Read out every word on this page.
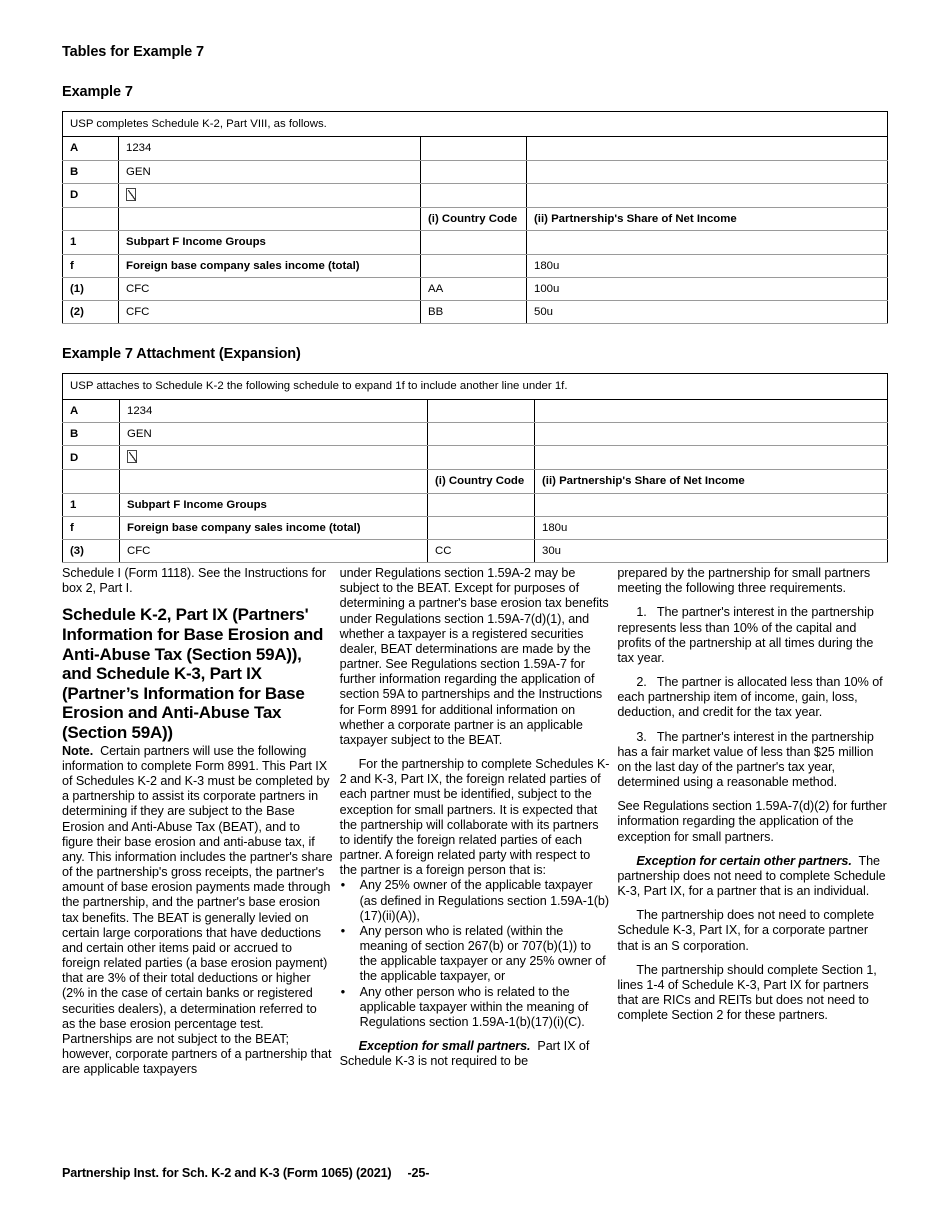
Tables for Example 7
Example 7
USP completes Schedule K-2, Part VIII, as follows.			
A	1234		
B	GEN		
D			
		(i) Country Code	(ii) Partnership's Share of Net Income
1	Subpart F Income Groups		
f	Foreign base company sales income (total)		180u
(1)	CFC	AA	100u
(2)	CFC	BB	50u
Example 7 Attachment (Expansion)
USP attaches to Schedule K-2 the following schedule to expand 1f to include another line under 1f.			
A	1234		
B	GEN		
D			
		(i) Country Code	(ii) Partnership's Share of Net Income
1	Subpart F Income Groups		
f	Foreign base company sales income (total)		180u
(3)	CFC	CC	30u

Schedule I (Form 1118). See the Instructions for box 2, Part I.

Schedule K-2, Part IX (Partners' Information for Base Erosion and Anti-Abuse Tax (Section 59A)), and Schedule K-3, Part IX (Partner’s Information for Base Erosion and Anti-Abuse Tax (Section 59A))

Note. Certain partners will use the following information to complete Form 8991. This Part IX of Schedules K-2 and K-3 must be completed by a partnership to assist its corporate partners in determining if they are subject to the Base Erosion and Anti-Abuse Tax (BEAT), and to figure their base erosion and anti-abuse tax, if any. This information includes the partner's share of the partnership's gross receipts, the partner's amount of base erosion payments made through the partnership, and the partner's base erosion tax benefits. The BEAT is generally levied on certain large corporations that have deductions and certain other items paid or accrued to foreign related parties (a base erosion payment) that are 3% of their total deductions or higher (2% in the case of certain banks or registered securities dealers), a determination referred to as the base erosion percentage test. Partnerships are not subject to the BEAT; however, corporate partners of a partnership that are applicable taxpayers

under Regulations section 1.59A-2 may be subject to the BEAT. Except for purposes of determining a partner's base erosion tax benefits under Regulations section 1.59A-7(d)(1), and whether a taxpayer is a registered securities dealer, BEAT determinations are made by the partner. See Regulations section 1.59A-7 for further information regarding the application of section 59A to partnerships and the Instructions for Form 8991 for additional information on whether a corporate partner is an applicable taxpayer subject to the BEAT.

For the partnership to complete Schedules K-2 and K-3, Part IX, the foreign related parties of each partner must be identified, subject to the exception for small partners. It is expected that the partnership will collaborate with its partners to identify the foreign related parties of each partner. A foreign related party with respect to the partner is a foreign person that is:

• Any 25% owner of the applicable taxpayer (as defined in Regulations section 1.59A-1(b)(17)(ii)(A)),
• Any person who is related (within the meaning of section 267(b) or 707(b)(1)) to the applicable taxpayer or any 25% owner of the applicable taxpayer, or
• Any other person who is related to the applicable taxpayer within the meaning of Regulations section 1.59A-1(b)(17)(i)(C).

Exception for small partners. Part IX of Schedule K-3 is not required to be

prepared by the partnership for small partners meeting the following three requirements.

1. The partner's interest in the partnership represents less than 10% of the capital and profits of the partnership at all times during the tax year.

2. The partner is allocated less than 10% of each partnership item of income, gain, loss, deduction, and credit for the tax year.

3. The partner's interest in the partnership has a fair market value of less than $25 million on the last day of the partner's tax year, determined using a reasonable method.

See Regulations section 1.59A-7(d)(2) for further information regarding the application of the exception for small partners.

Exception for certain other partners. The partnership does not need to complete Schedule K-3, Part IX, for a partner that is an individual.

The partnership does not need to complete Schedule K-3, Part IX, for a corporate partner that is an S corporation.

The partnership should complete Section 1, lines 1-4 of Schedule K-3, Part IX for partners that are RICs and REITs but does not need to complete Section 2 for these partners.

Partnership Inst. for Sch. K-2 and K-3 (Form 1065) (2021) -25-
